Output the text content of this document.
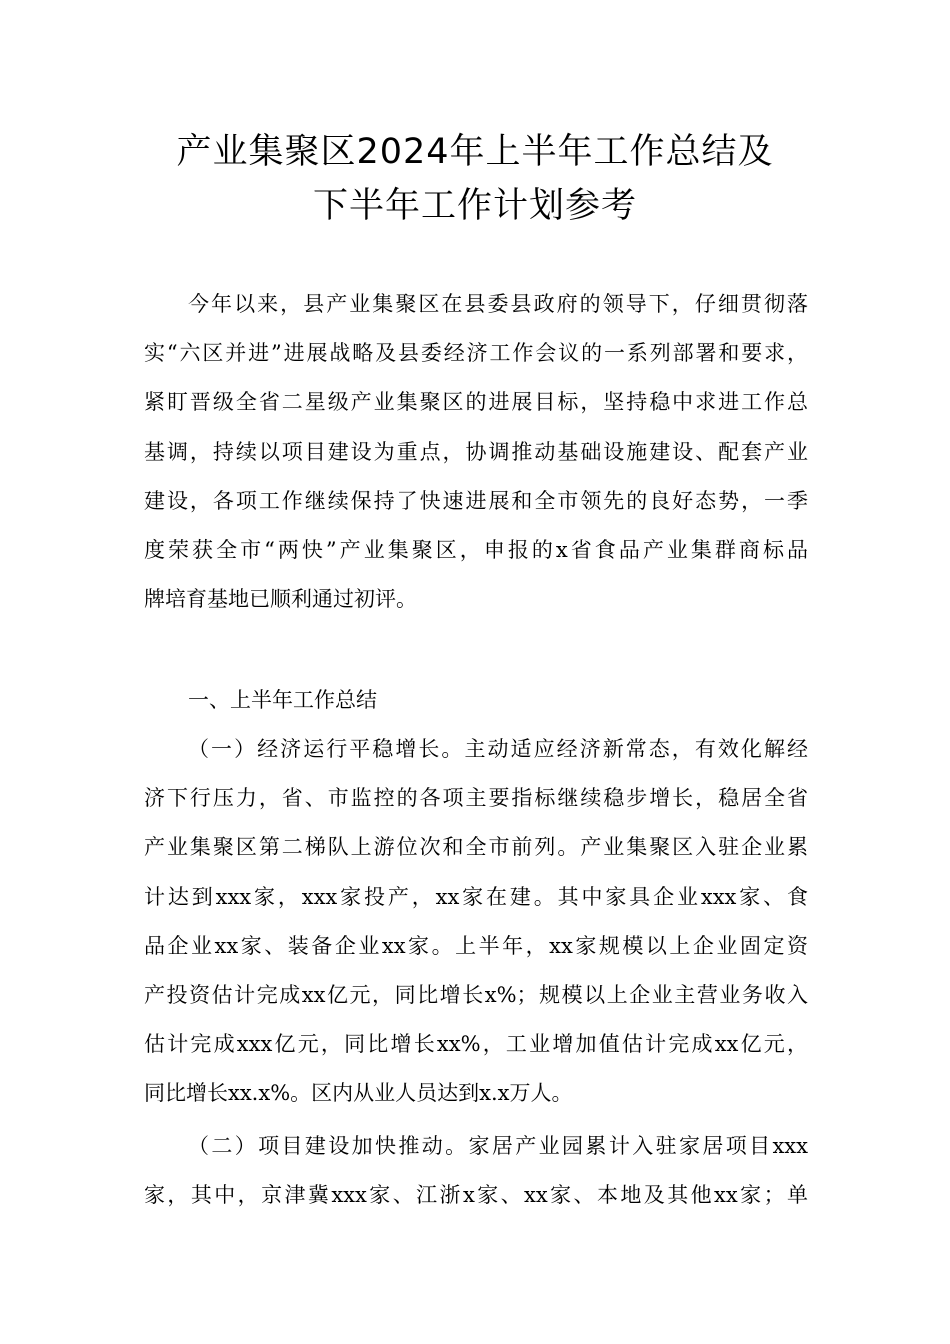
产业集聚区2024年上半年工作总结及
下半年工作计划参考
今年以来，县产业集聚区在县委县政府的领导下，仔细贯彻落
实“六区并进”进展战略及县委经济工作会议的一系列部署和要求，
紧盯晋级全省二星级产业集聚区的进展目标，坚持稳中求进工作总
基调，持续以项目建设为重点，协调推动基础设施建设、配套产业
建设，各项工作继续保持了快速进展和全市领先的良好态势，一季
度荣获全市“两快”产业集聚区，申报的x省食品产业集群商标品
牌培育基地已顺利通过初评。
一、上半年工作总结
（一）经济运行平稳增长。主动适应经济新常态，有效化解经
济下行压力，省、市监控的各项主要指标继续稳步增长，稳居全省
产业集聚区第二梯队上游位次和全市前列。产业集聚区入驻企业累
计达到xxx家，xxx家投产，xx家在建。其中家具企业xxx家、食
品企业xx家、装备企业xx家。上半年，xx家规模以上企业固定资
产投资估计完成xx亿元，同比增长x%；规模以上企业主营业务收入
估计完成xxx亿元，同比增长xx%，工业增加值估计完成xx亿元，
同比增长xx.x%。区内从业人员达到x.x万人。
（二）项目建设加快推动。家居产业园累计入驻家居项目xxx
家，其中，京津冀xxx家、江浙x家、xx家、本地及其他xx家；单
